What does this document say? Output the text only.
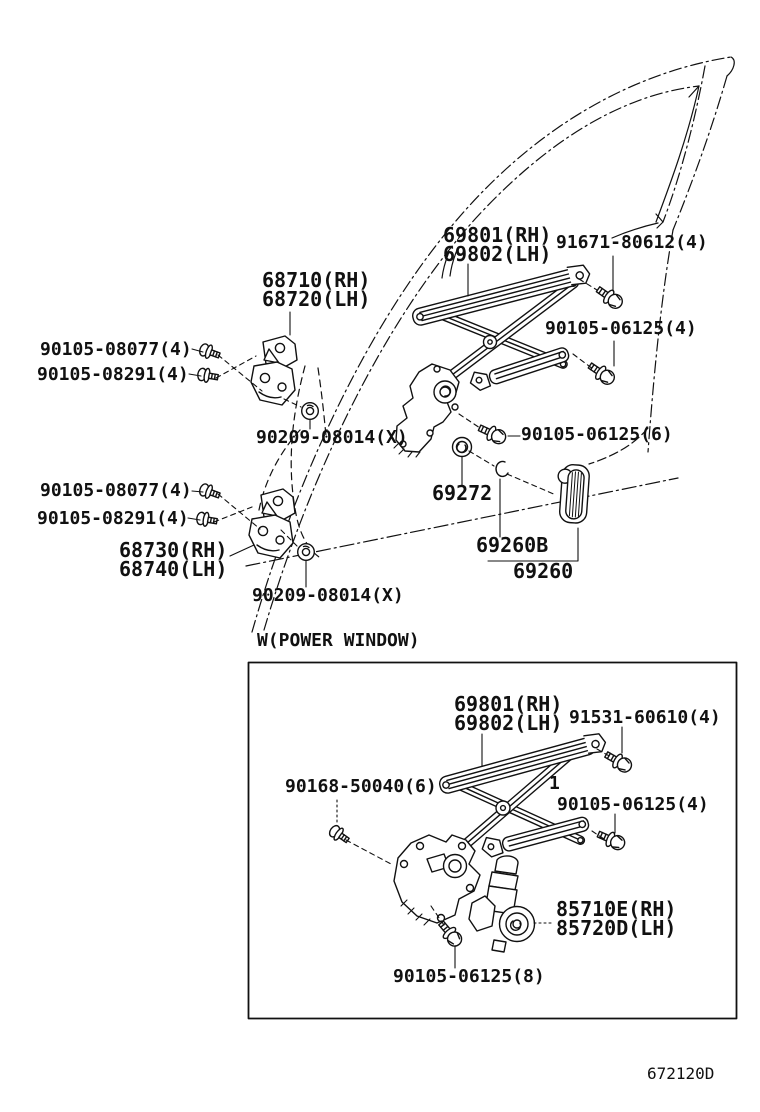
69801(RH)
69802(LH) 91671-80612(4)
68710(RH)
68720(LH)
90105-08077(4)
90105-08291(4)
90105-06125(4)
90209-08014(X)	90105-06125(6)
69272
90105-08077(4)
90105-08291(4)
68730(RH)
68740(LH)
90209-08014(X)
69260B
69260
W(POWER WINDOW)
69801(RH)
69802(LH) 91531-60610(4)
90168-50040(6)	1
90105-06125(4)
85710E(RH)
85720D(LH)
90105-06125(8)
672120D
